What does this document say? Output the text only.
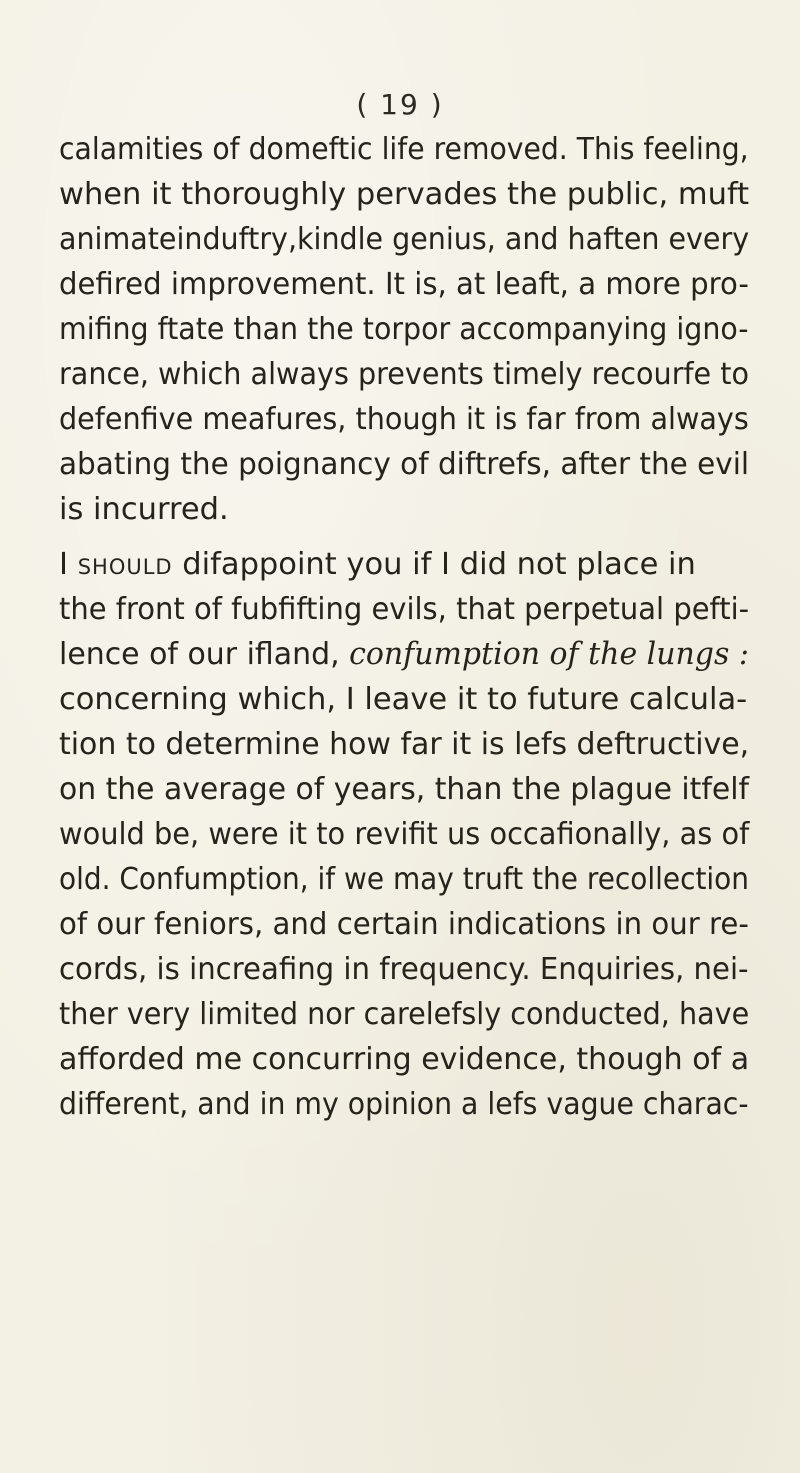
( 19 )
calamities of domeftic life removed. This feeling,
when it thoroughly pervades the public, muft
animateinduftry,kindle genius, and haften every
defired improvement. It is, at leaft, a more pro-
mifing ftate than the torpor accompanying igno-
rance, which always prevents timely recourfe to
defenfive meafures, though it is far from always
abating the poignancy of diftrefs, after the evil
is incurred.
I should difappoint you if I did not place in
the front of fubfifting evils, that perpetual pefti-
lence of our ifland, confumption of the lungs :
concerning which, I leave it to future calcula-
tion to determine how far it is lefs deftructive,
on the average of years, than the plague itfelf
would be, were it to revifit us occafionally, as of
old. Confumption, if we may truft the recollection
of our feniors, and certain indications in our re-
cords, is increafing in frequency. Enquiries, nei-
ther very limited nor carelefsly conducted, have
afforded me concurring evidence, though of a
different, and in my opinion a lefs vague charac-
